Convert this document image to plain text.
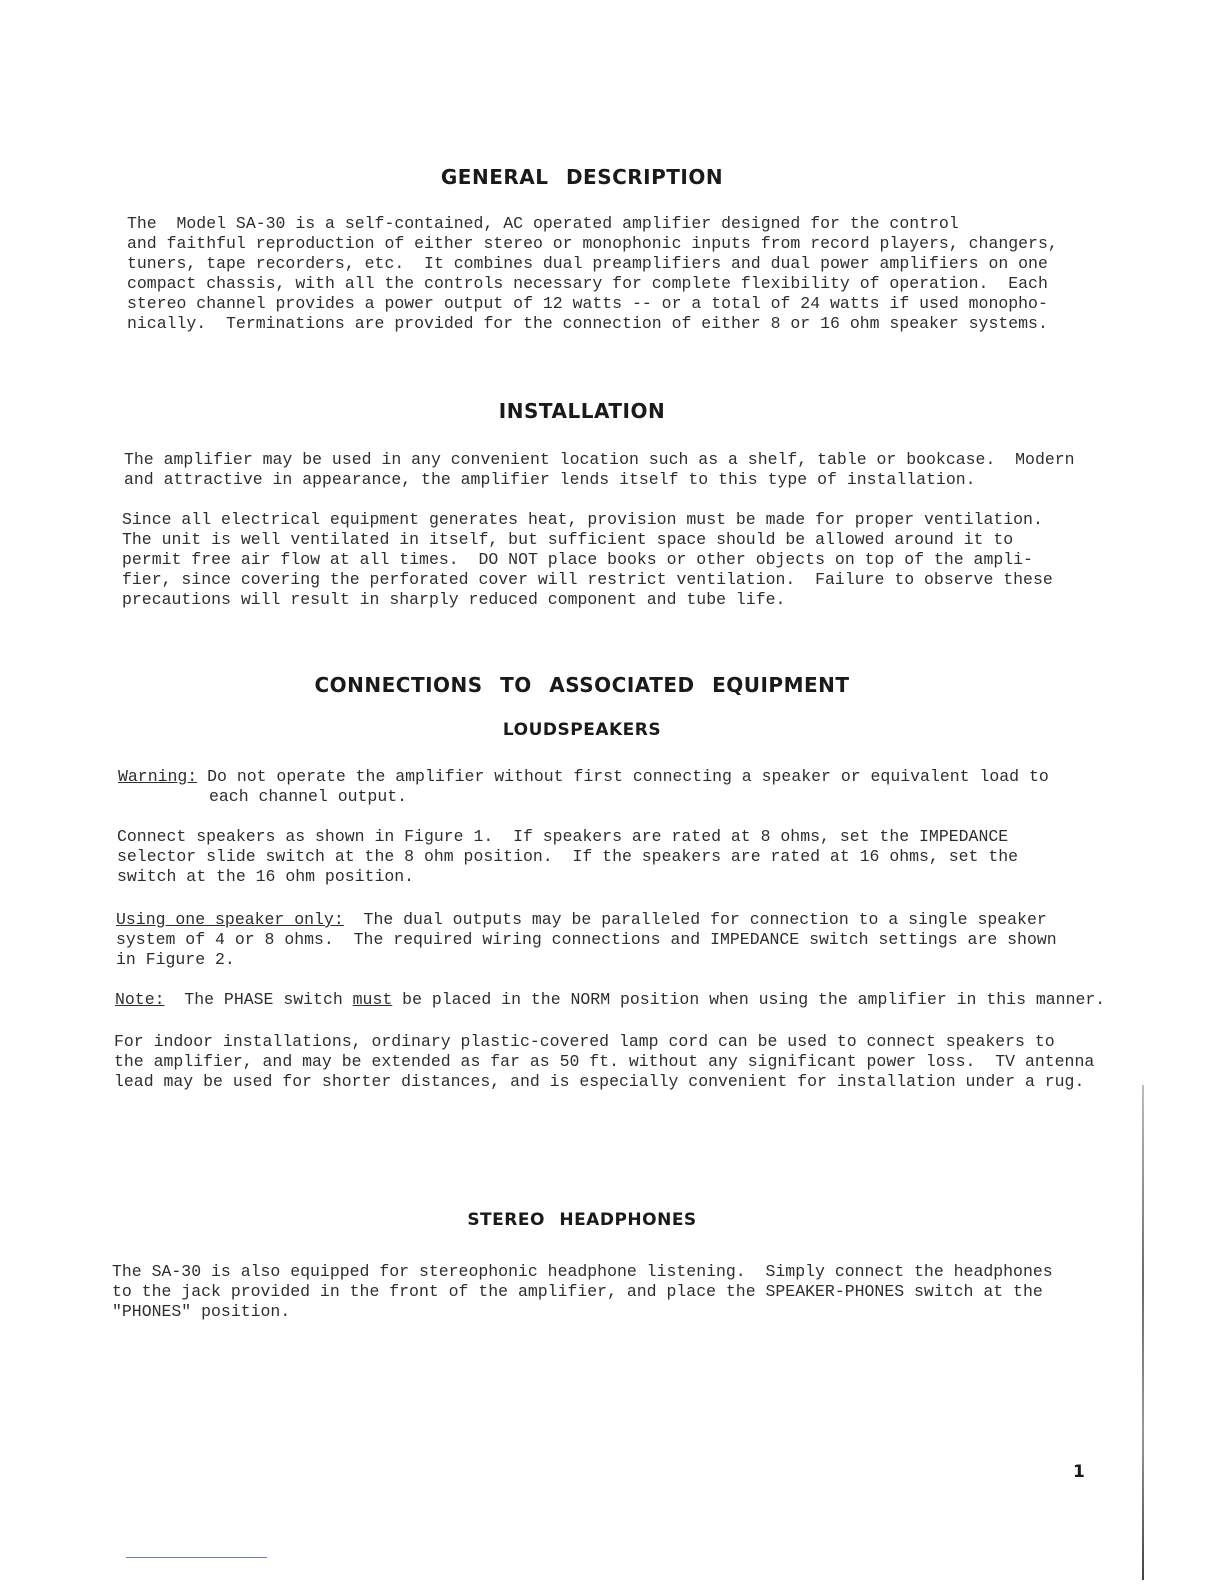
GENERAL DESCRIPTION
The  Model SA-30 is a self-contained, AC operated amplifier designed for the control
and faithful reproduction of either stereo or monophonic inputs from record players, changers,
tuners, tape recorders, etc.  It combines dual preamplifiers and dual power amplifiers on one
compact chassis, with all the controls necessary for complete flexibility of operation.  Each
stereo channel provides a power output of 12 watts -- or a total of 24 watts if used monopho-
nically.  Terminations are provided for the connection of either 8 or 16 ohm speaker systems.
INSTALLATION
The amplifier may be used in any convenient location such as a shelf, table or bookcase.  Modern
and attractive in appearance, the amplifier lends itself to this type of installation.
Since all electrical equipment generates heat, provision must be made for proper ventilation.
The unit is well ventilated in itself, but sufficient space should be allowed around it to
permit free air flow at all times.  DO NOT place books or other objects on top of the ampli-
fier, since covering the perforated cover will restrict ventilation.  Failure to observe these
precautions will result in sharply reduced component and tube life.
CONNECTIONS TO ASSOCIATED EQUIPMENT
LOUDSPEAKERS
Warning: Do not operate the amplifier without first connecting a speaker or equivalent load to
each channel output.
Connect speakers as shown in Figure 1.  If speakers are rated at 8 ohms, set the IMPEDANCE
selector slide switch at the 8 ohm position.  If the speakers are rated at 16 ohms, set the
switch at the 16 ohm position.
Using one speaker only:  The dual outputs may be paralleled for connection to a single speaker
system of 4 or 8 ohms.  The required wiring connections and IMPEDANCE switch settings are shown
in Figure 2.
Note:  The PHASE switch must be placed in the NORM position when using the amplifier in this manner.
For indoor installations, ordinary plastic-covered lamp cord can be used to connect speakers to
the amplifier, and may be extended as far as 50 ft. without any significant power loss.  TV antenna
lead may be used for shorter distances, and is especially convenient for installation under a rug.
STEREO HEADPHONES
The SA-30 is also equipped for stereophonic headphone listening.  Simply connect the headphones
to the jack provided in the front of the amplifier, and place the SPEAKER-PHONES switch at the
"PHONES" position.
1
